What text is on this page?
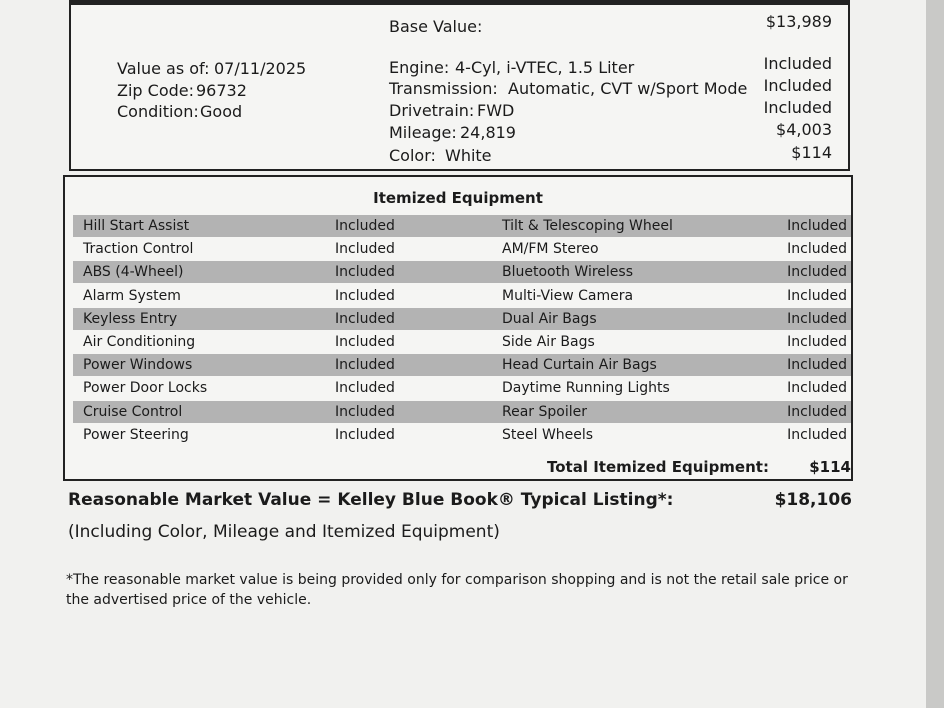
Base Value:	$13,989
Value as of: 07/11/2025
Zip Code: 96732
Condition: Good
Engine: 4-Cyl, i-VTEC, 1.5 Liter	Included
Transmission: Automatic, CVT w/Sport Mode Included
Drivetrain: FWD	Included
Mileage: 24,819	$4,003
Color: White	$114
Itemized Equipment
Hill Start Assist	Included	Tilt & Telescoping Wheel	Included
Traction Control	Included	AM/FM Stereo	Included
ABS (4-Wheel)	Included	Bluetooth Wireless	Included
Alarm System	Included	Multi-View Camera	Included
Keyless Entry	Included	Dual Air Bags	Included
Air Conditioning	Included	Side Air Bags	Included
Power Windows	Included	Head Curtain Air Bags	Included
Power Door Locks	Included	Daytime Running Lights	Included
Cruise Control	Included	Rear Spoiler	Included
Power Steering	Included	Steel Wheels	Included
Total Itemized Equipment:	$114
Reasonable Market Value = Kelley Blue Book® Typical Listing*:	$18,106
(Including Color, Mileage and Itemized Equipment)
*The reasonable market value is being provided only for comparison shopping and is not the retail sale price or the advertised price of the vehicle.
